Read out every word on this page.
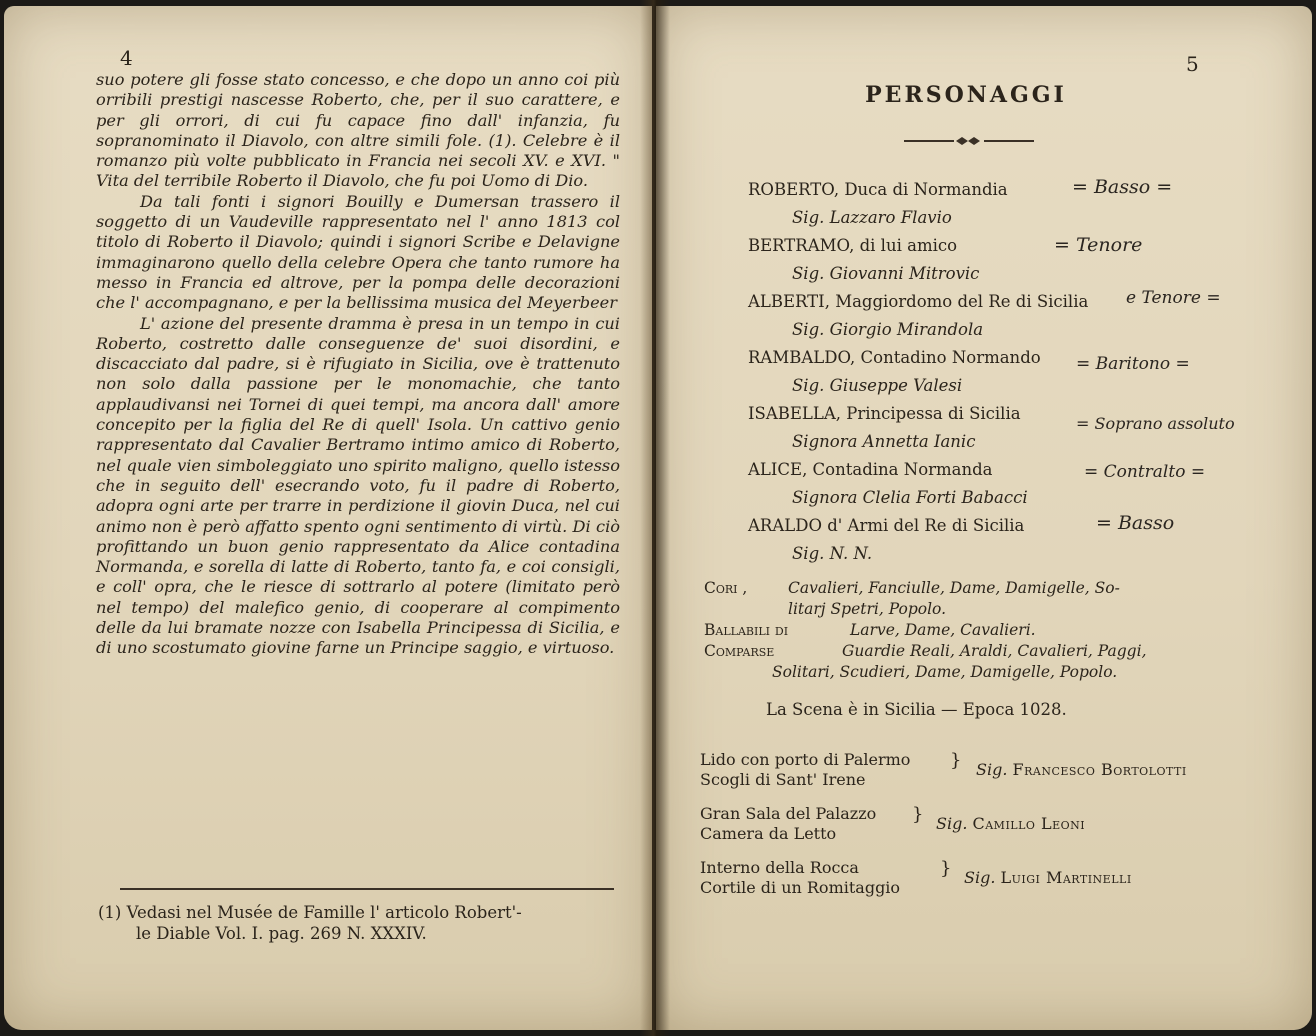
4

suo potere gli fosse stato concesso, e che dopo un anno coi più orribili prestigi nascesse Roberto, che, per il suo carattere, e per gli orrori, di cui fu capace fino dall' infanzia, fu sopranominato il Diavolo, con altre simili fole. (1). Celebre è il romanzo più volte pubblicato in Francia nei secoli XV. e XVI. " Vita del terribile Roberto il Diavolo, che fu poi Uomo di Dio.

Da tali fonti i signori Bouilly e Dumersan trassero il soggetto di un Vaudeville rappresentato nel l' anno 1813 col titolo di Roberto il Diavolo; quindi i signori Scribe e Delavigne immaginarono quello della celebre Opera che tanto rumore ha messo in Francia ed altrove, per la pompa delle decorazioni che l' accompagnano, e per la bellissima musica del Meyerbeer

L' azione del presente dramma è presa in un tempo in cui Roberto, costretto dalle conseguenze de' suoi disordini, e discacciato dal padre, si è rifugiato in Sicilia, ove è trattenuto non solo dalla passione per le monomachie, che tanto applaudivansi nei Tornei di quei tempi, ma ancora dall' amore concepito per la figlia del Re di quell' Isola. Un cattivo genio rappresentato dal Cavalier Bertramo intimo amico di Roberto, nel quale vien simboleggiato uno spirito maligno, quello istesso che in seguito dell' esecrando voto, fu il padre di Roberto, adopra ogni arte per trarre in perdizione il giovin Duca, nel cui animo non è però affatto spento ogni sentimento di virtù. Di ciò profittando un buon genio rappresentato da Alice contadina Normanda, e sorella di latte di Roberto, tanto fa, e coi consigli, e coll' opra, che le riesce di sottrarlo al potere (limitato però nel tempo) del malefico genio, di cooperare al compimento delle da lui bramate nozze con Isabella Principessa di Sicilia, e di uno scostumato giovine farne un Principe saggio, e virtuoso.

(1) Vedasi nel Musée de Famille l' articolo Robert'-
le Diable Vol. I. pag. 269 N. XXXIV.
5
PERSONAGGI
ROBERTO, Duca di Normandia	= Basso =
Sig. Lazzaro Flavio
BERTRAMO, di lui amico	= Tenore
Sig. Giovanni Mitrovic
ALBERTI, Maggiordomo del Re di Sicilia e Tenore =
Sig. Giorgio Mirandola
RAMBALDO, Contadino Normando = Baritono =
Sig. Giuseppe Valesi
ISABELLA, Principessa di Sicilia
= Soprano assoluto
Signora Annetta Ianic
ALICE, Contadina Normanda	= Contralto =
Signora Clelia Forti Babacci
ARALDO d' Armi del Re di Sicilia	= Basso
Sig. N. N.
Cori ,	Cavalieri, Fanciulle, Dame, Damigelle, So-
litarj Spetri, Popolo.
Ballabili di	Larve, Dame, Cavalieri.
Comparse	Guardie Reali, Araldi, Cavalieri, Paggi,
Solitari, Scudieri, Dame, Damigelle, Popolo.
La Scena è in Sicilia — Epoca 1028.
Lido con porto di Palermo
Scogli di Sant' Irene
} Sig. Francesco Bortolotti
Gran Sala del Palazzo
Camera da Letto
} Sig. Camillo Leoni
Interno della Rocca
Cortile di un Romitaggio
} Sig. Luigi Martinelli
